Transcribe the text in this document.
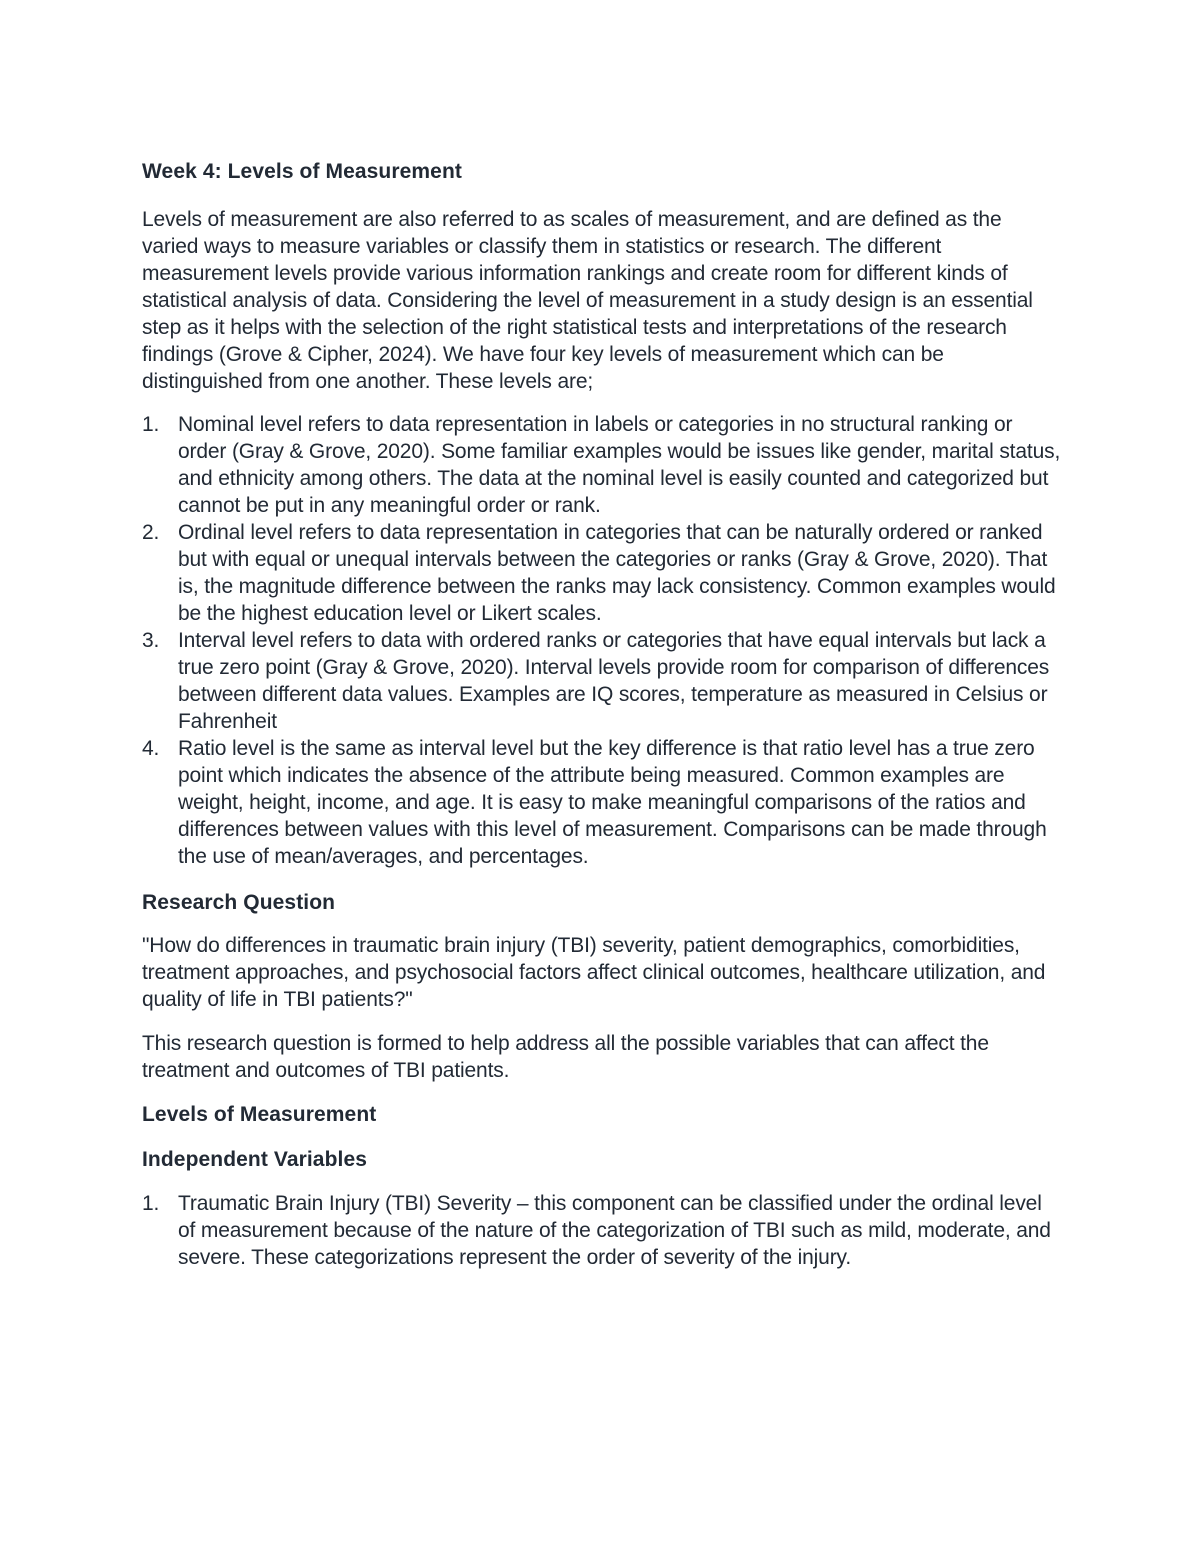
Week 4: Levels of Measurement

Levels of measurement are also referred to as scales of measurement, and are defined as the varied ways to measure variables or classify them in statistics or research. The different measurement levels provide various information rankings and create room for different kinds of statistical analysis of data. Considering the level of measurement in a study design is an essential step as it helps with the selection of the right statistical tests and interpretations of the research findings (Grove & Cipher, 2024). We have four key levels of measurement which can be distinguished from one another. These levels are;

1. Nominal level refers to data representation in labels or categories in no structural ranking or order (Gray & Grove, 2020). Some familiar examples would be issues like gender, marital status, and ethnicity among others. The data at the nominal level is easily counted and categorized but cannot be put in any meaningful order or rank.
2. Ordinal level refers to data representation in categories that can be naturally ordered or ranked but with equal or unequal intervals between the categories or ranks (Gray & Grove, 2020). That is, the magnitude difference between the ranks may lack consistency. Common examples would be the highest education level or Likert scales.
3. Interval level refers to data with ordered ranks or categories that have equal intervals but lack a true zero point (Gray & Grove, 2020). Interval levels provide room for comparison of differences between different data values. Examples are IQ scores, temperature as measured in Celsius or Fahrenheit
4. Ratio level is the same as interval level but the key difference is that ratio level has a true zero point which indicates the absence of the attribute being measured. Common examples are weight, height, income, and age. It is easy to make meaningful comparisons of the ratios and differences between values with this level of measurement. Comparisons can be made through the use of mean/averages, and percentages.
Research Question

"How do differences in traumatic brain injury (TBI) severity, patient demographics, comorbidities, treatment approaches, and psychosocial factors affect clinical outcomes, healthcare utilization, and quality of life in TBI patients?"

This research question is formed to help address all the possible variables that can affect the treatment and outcomes of TBI patients.

Levels of Measurement
Independent Variables
1. Traumatic Brain Injury (TBI) Severity – this component can be classified under the ordinal level of measurement because of the nature of the categorization of TBI such as mild, moderate, and severe. These categorizations represent the order of severity of the injury.
